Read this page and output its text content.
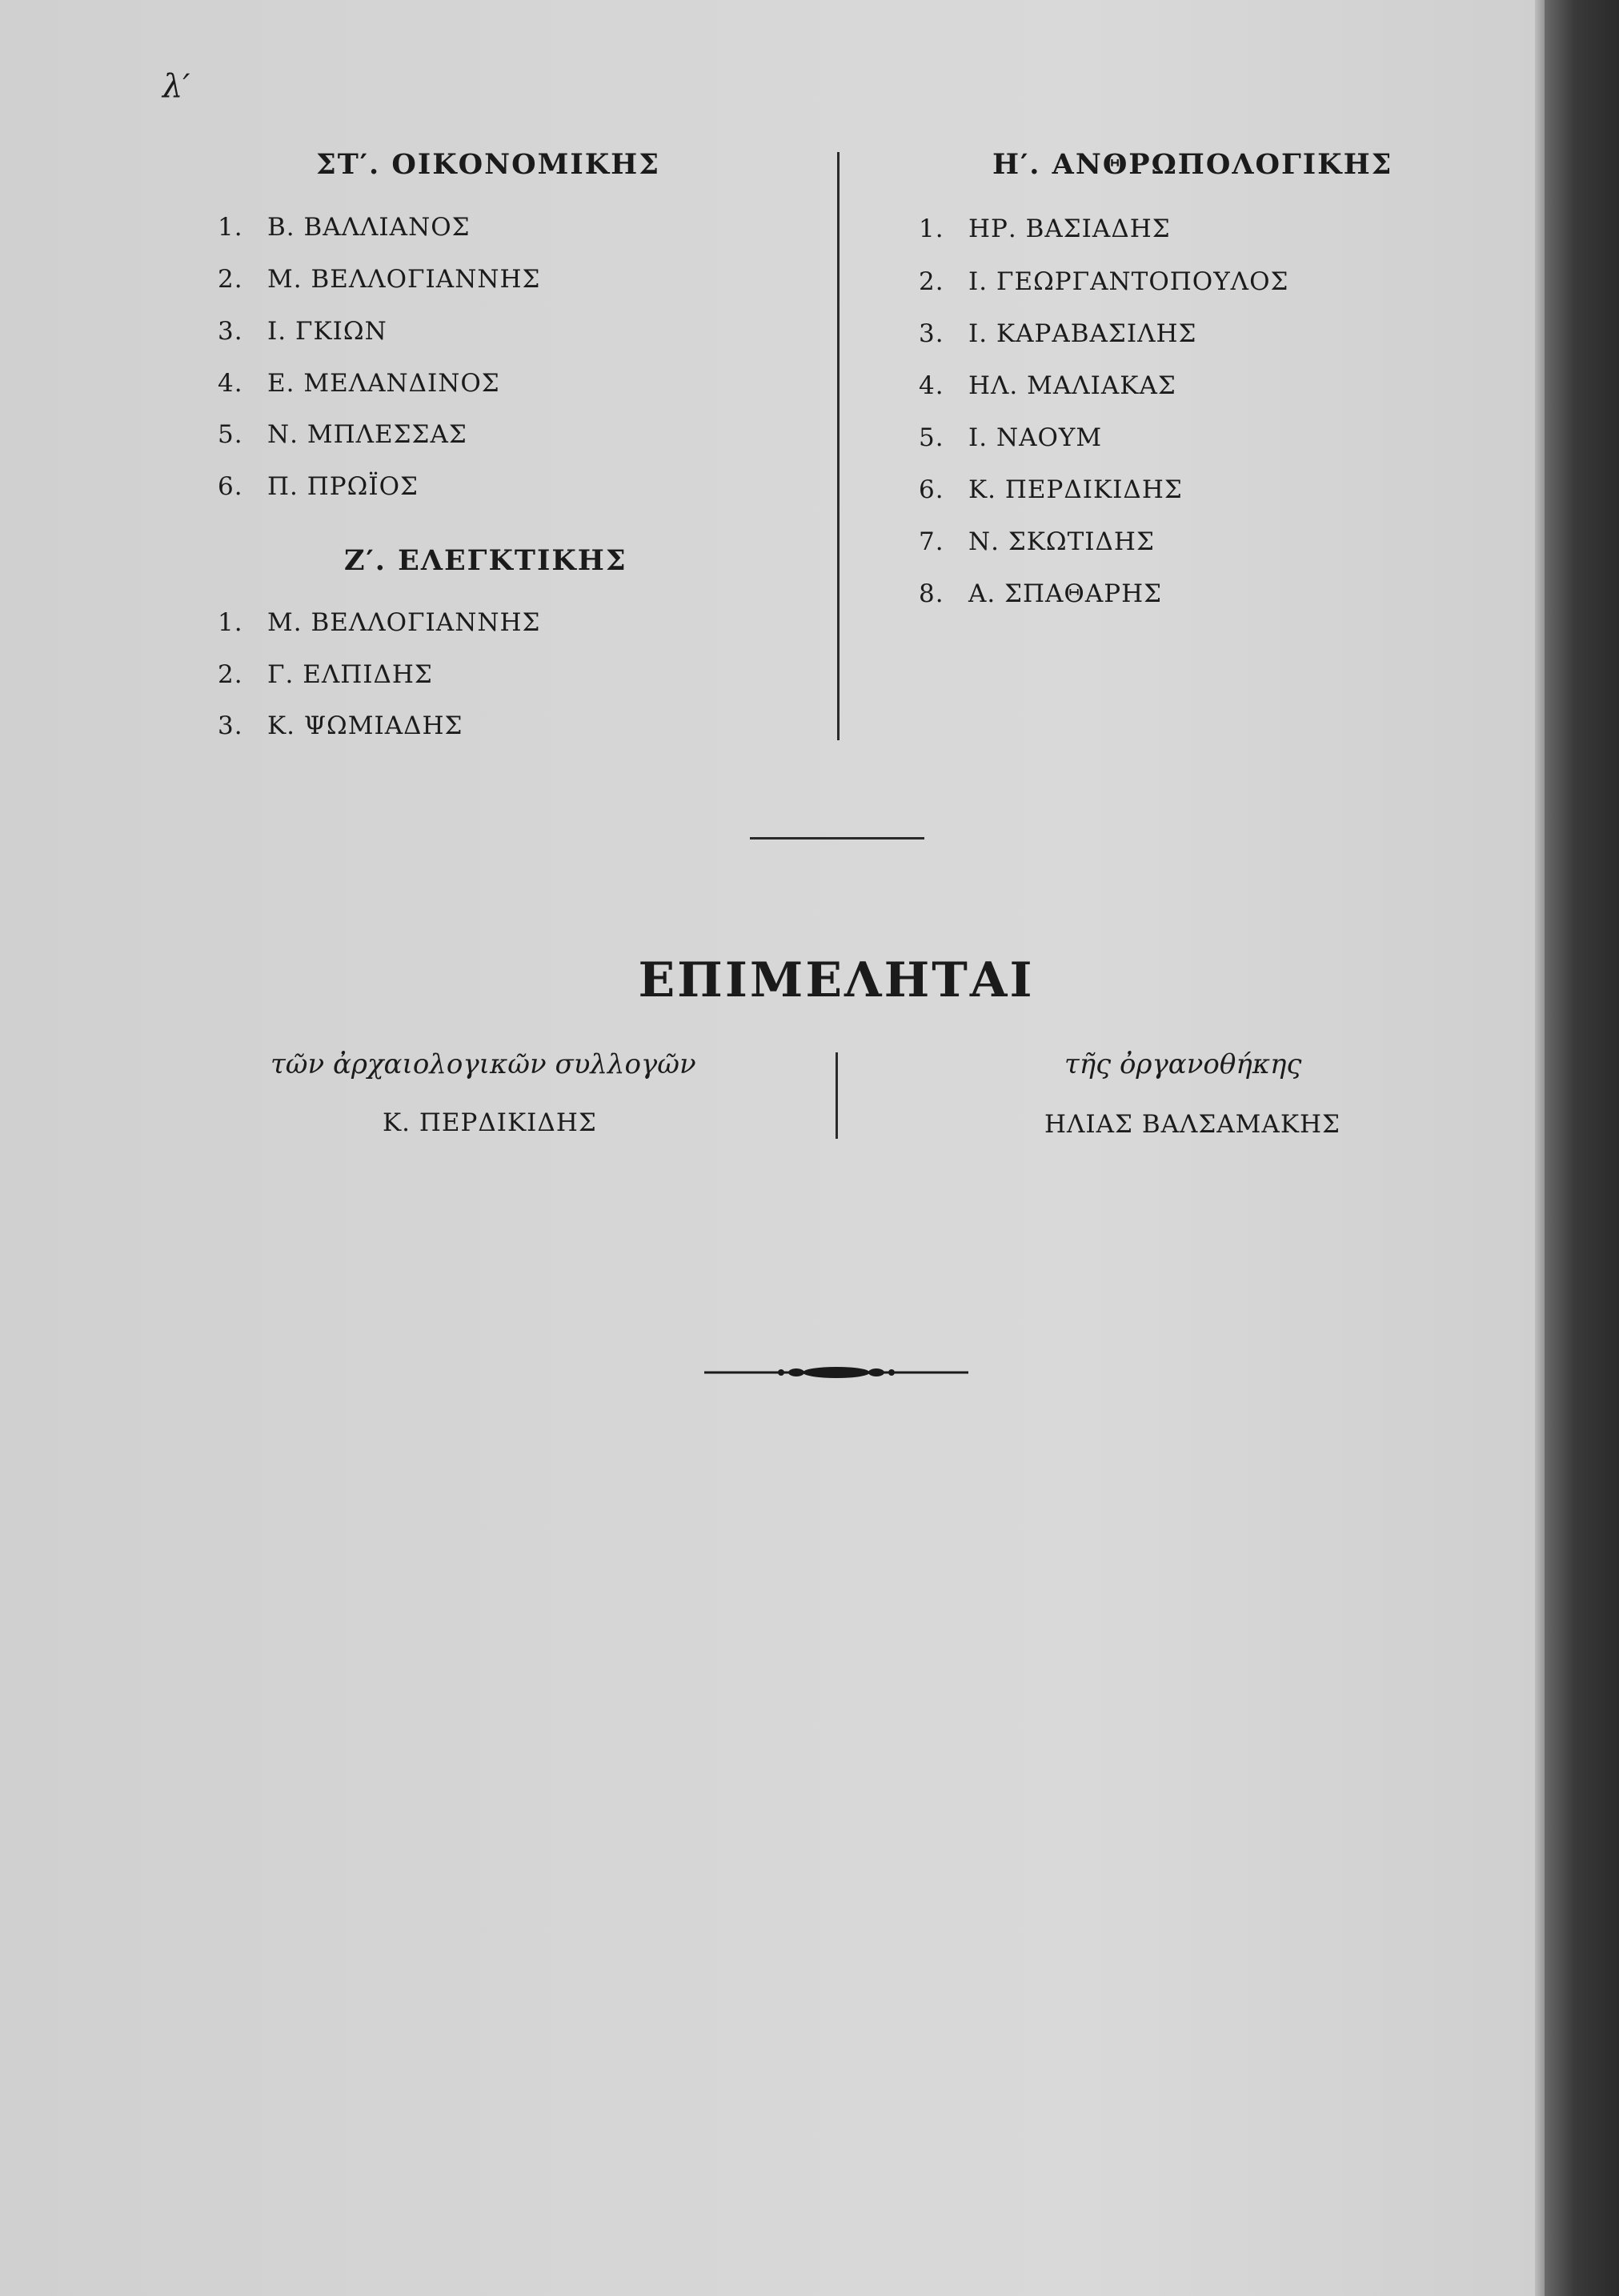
λ′
ΣΤ′. ΟΙΚΟΝΟΜΙΚΗΣ
1. Β. ΒΑΛΛΙΑΝΟΣ
2. Μ. ΒΕΛΛΟΓΙΑΝΝΗΣ
3. Ι. ΓΚΙΩΝ
4. Ε. ΜΕΛΑΝΔΙΝΟΣ
5. Ν. ΜΠΛΕΣΣΑΣ
6. Π. ΠΡΩΪΟΣ
Ζ′. ΕΛΕΓΚΤΙΚΗΣ
1. Μ. ΒΕΛΛΟΓΙΑΝΝΗΣ
2. Γ. ΕΛΠΙΔΗΣ
3. Κ. ΨΩΜΙΑΔΗΣ
Η′. ΑΝΘΡΩΠΟΛΟΓΙΚΗΣ
1. ΗΡ. ΒΑΣΙΑΔΗΣ
2. Ι. ΓΕΩΡΓΑΝΤΟΠΟΥΛΟΣ
3. Ι. ΚΑΡΑΒΑΣΙΛΗΣ
4. ΗΛ. ΜΑΛΙΑΚΑΣ
5. Ι. ΝΑΟΥΜ
6. Κ. ΠΕΡΔΙΚΙΔΗΣ
7. Ν. ΣΚΩΤΙΔΗΣ
8. Α. ΣΠΑΘΑΡΗΣ
ΕΠΙΜΕΛΗΤΑΙ
τῶν ἀρχαιολογικῶν συλλογῶν
Κ. ΠΕΡΔΙΚΙΔΗΣ
τῆς ὀργανοθήκης
ΗΛΙΑΣ ΒΑΛΣΑΜΑΚΗΣ
